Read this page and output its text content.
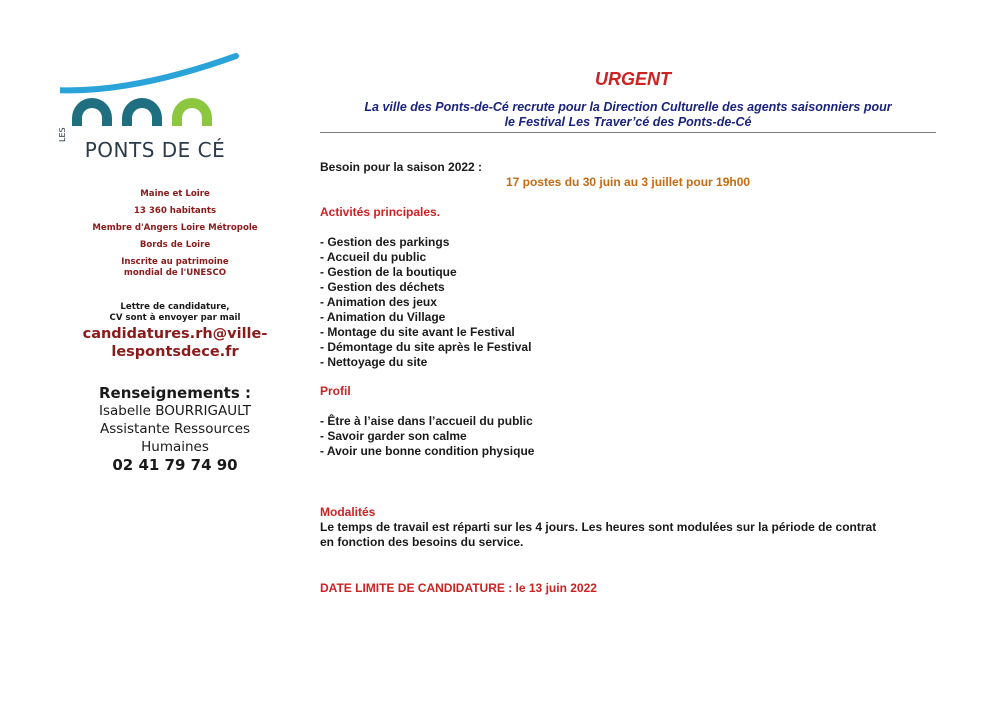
LES
PONTS DE CÉ
Maine et Loire
13 360 habitants
Membre d'Angers Loire Métropole
Bords de Loire
Inscrite au patrimoine
mondial de l'UNESCO
Lettre de candidature,
CV sont à envoyer par mail
candidatures.rh@ville-
lespontsdece.fr
Renseignements :
Isabelle BOURRIGAULT
Assistante Ressources
Humaines
02 41 79 74 90
URGENT
La ville des Ponts-de-Cé recrute pour la Direction Culturelle des agents saisonniers pour
le Festival Les Traver’cé des Ponts-de-Cé
Besoin pour la saison 2022 :
17 postes du 30 juin au 3 juillet pour 19h00
Activités principales.
- Gestion des parkings
- Accueil du public
- Gestion de la boutique
- Gestion des déchets
- Animation des jeux
- Animation du Village
- Montage du site avant le Festival
- Démontage du site après le Festival
- Nettoyage du site
Profil
- Être à l’aise dans l’accueil du public
- Savoir garder son calme
- Avoir une bonne condition physique
Modalités
Le temps de travail est réparti sur les 4 jours. Les heures sont modulées sur la période de contrat
en fonction des besoins du service.
DATE LIMITE DE CANDIDATURE : le 13 juin 2022
